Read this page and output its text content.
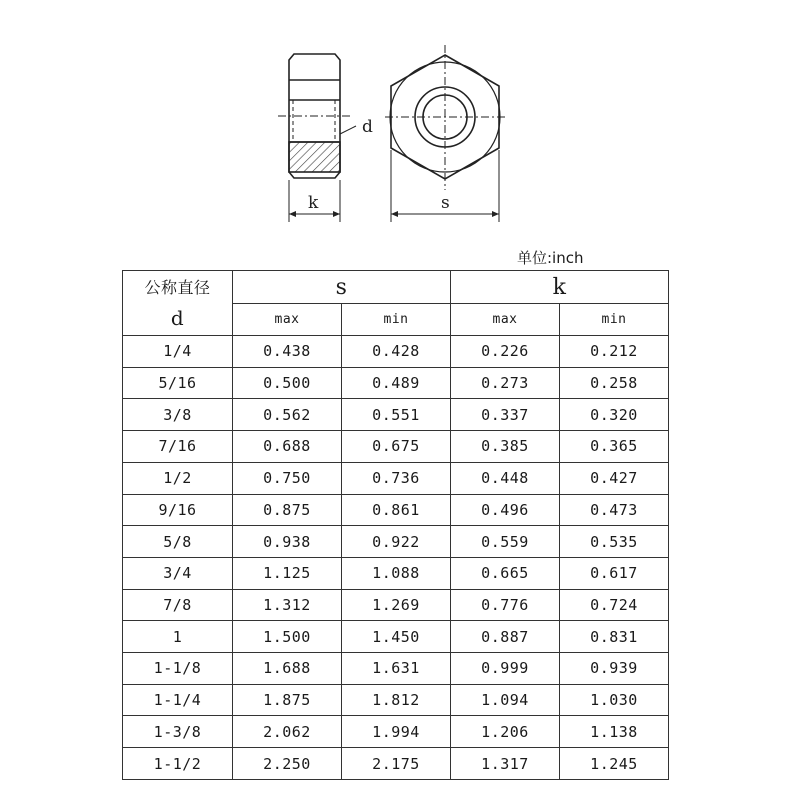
d
k	s
单位:inch
公称直径
d	s		k	
	max	min	max	min
1/4	0.438	0.428	0.226	0.212
5/16	0.500	0.489	0.273	0.258
3/8	0.562	0.551	0.337	0.320
7/16	0.688	0.675	0.385	0.365
1/2	0.750	0.736	0.448	0.427
9/16	0.875	0.861	0.496	0.473
5/8	0.938	0.922	0.559	0.535
3/4	1.125	1.088	0.665	0.617
7/8	1.312	1.269	0.776	0.724
1	1.500	1.450	0.887	0.831
1-1/8	1.688	1.631	0.999	0.939
1-1/4	1.875	1.812	1.094	1.030
1-3/8	2.062	1.994	1.206	1.138
1-1/2	2.250	2.175	1.317	1.245
